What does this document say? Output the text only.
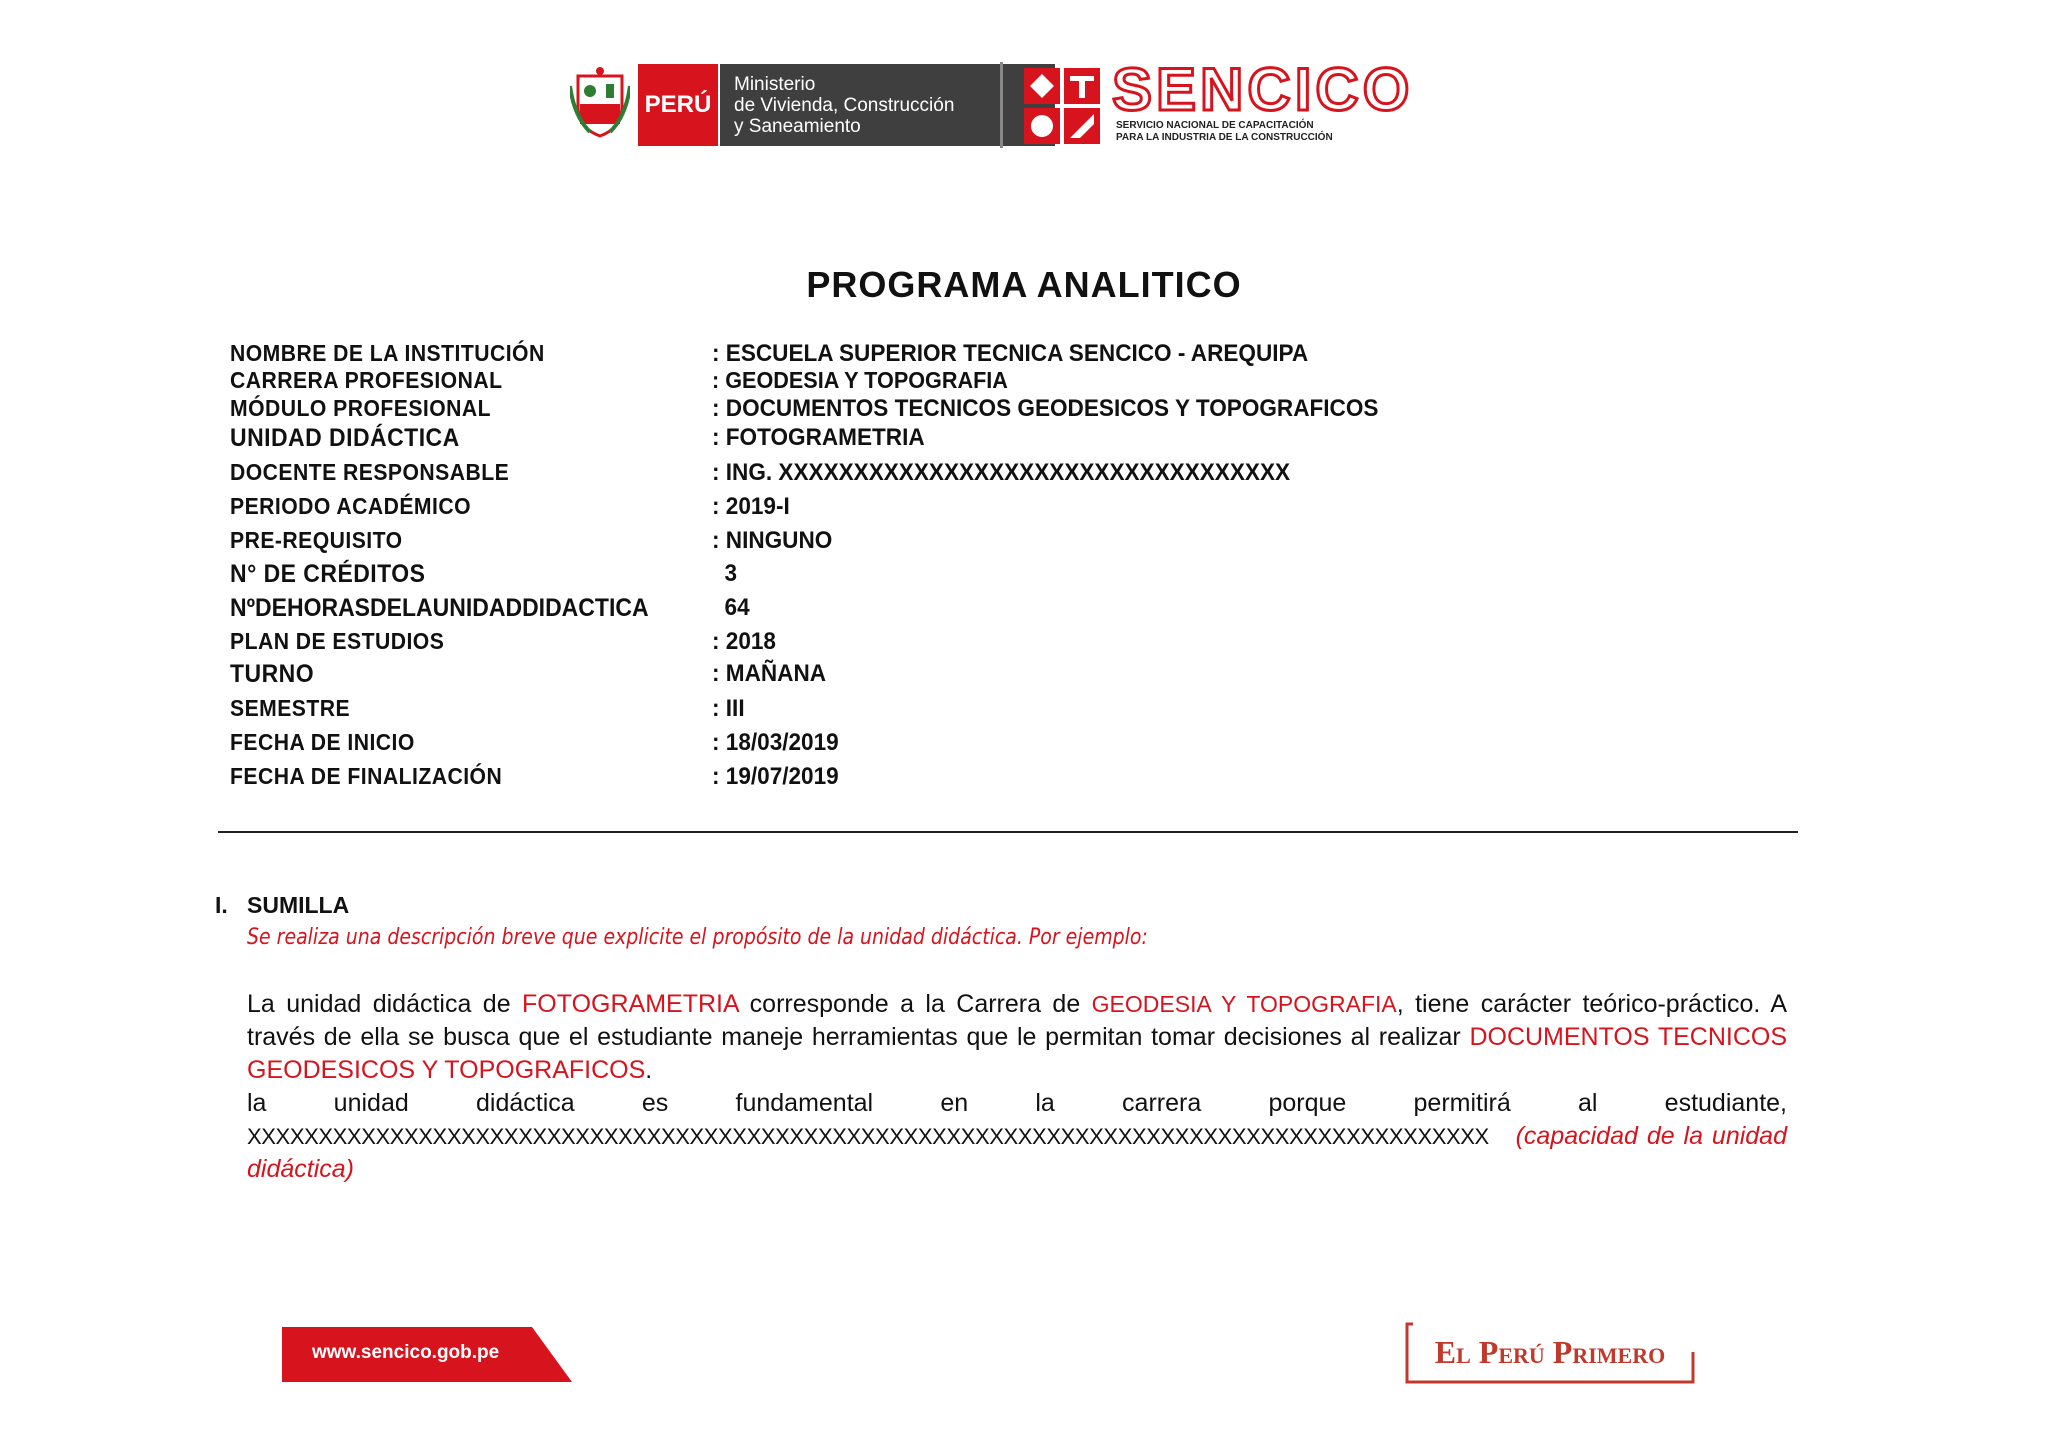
PERÚ
Ministerio
de Vivienda, Construcción
y Saneamiento
SENCICO
SERVICIO NACIONAL DE CAPACITACIÓN
PARA LA INDUSTRIA DE LA CONSTRUCCIÓN
PROGRAMA ANALITICO
NOMBRE DE LA INSTITUCIÓN	: ESCUELA SUPERIOR TECNICA SENCICO - AREQUIPA
CARRERA PROFESIONAL	: GEODESIA Y TOPOGRAFIA
MÓDULO PROFESIONAL	: DOCUMENTOS TECNICOS GEODESICOS Y TOPOGRAFICOS
UNIDAD DIDÁCTICA	: FOTOGRAMETRIA
DOCENTE RESPONSABLE	: ING. XXXXXXXXXXXXXXXXXXXXXXXXXXXXXXXXXX
PERIODO ACADÉMICO	: 2019-I
PRE-REQUISITO	: NINGUNO
N° DE CRÉDITOS	3
NºDEHORASDELAUNIDADDIDACTICA	64
PLAN DE ESTUDIOS	: 2018
TURNO	: MAÑANA
SEMESTRE	: III
FECHA DE INICIO	: 18/03/2019
FECHA DE FINALIZACIÓN	: 19/07/2019
I. SUMILLA
Se realiza una descripción breve que explicite el propósito de la unidad didáctica. Por ejemplo:
La unidad didáctica de FOTOGRAMETRIA corresponde a la Carrera de GEODESIA Y TOPOGRAFIA, tiene carácter teórico-práctico. A través de ella se busca que el estudiante maneje herramientas que le permitan tomar decisiones al realizar DOCUMENTOS TECNICOS GEODESICOS Y TOPOGRAFICOS.
la unidad didáctica es fundamental en la carrera porque permitirá al estudiante,
XXXXXXXXXXXXXXXXXXXXXXXXXXXXXXXXXXXXXXXXXXXXXXXXXXXXXXXXXXXXXXXXXXXXXXXXXXXXXXXXXXXXXXX (capacidad de la unidad didáctica)
www.sencico.gob.pe	El Perú Primero
